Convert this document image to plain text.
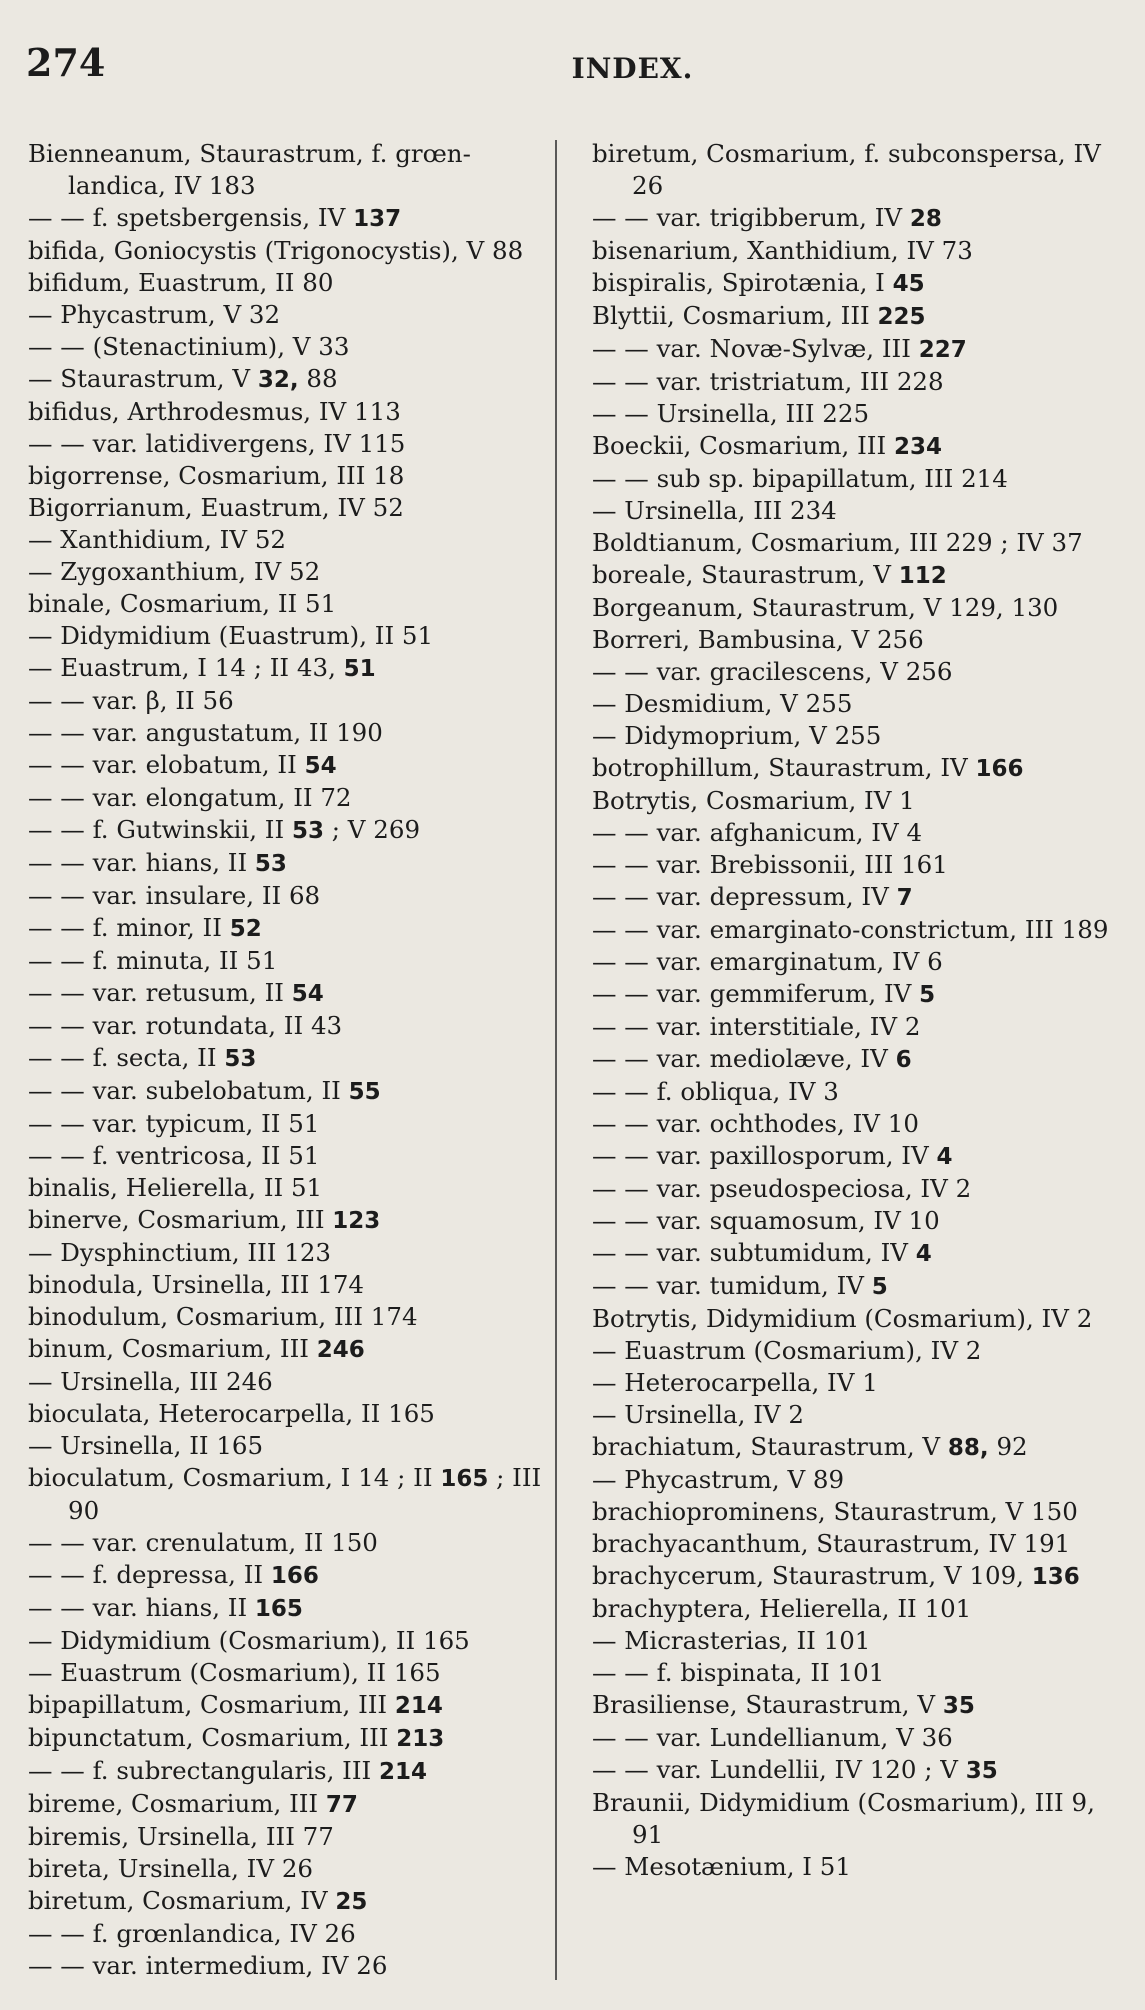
274	INDEX.
Bienneanum, Staurastrum, f. grœn-landica, IV 183
— — f. spetsbergensis, IV 137
bifida, Goniocystis (Trigonocystis), V 88
bifidum, Euastrum, II 80
— Phycastrum, V 32
— — (Stenactinium), V 33
— Staurastrum, V 32, 88
bifidus, Arthrodesmus, IV 113
— — var. latidivergens, IV 115
bigorrense, Cosmarium, III 18
Bigorrianum, Euastrum, IV 52
— Xanthidium, IV 52
— Zygoxanthium, IV 52
binale, Cosmarium, II 51
— Didymidium (Euastrum), II 51
— Euastrum, I 14 ; II 43, 51
— — var. β, II 56
— — var. angustatum, II 190
— — var. elobatum, II 54
— — var. elongatum, II 72
— — f. Gutwinskii, II 53 ; V 269
— — var. hians, II 53
— — var. insulare, II 68
— — f. minor, II 52
— — f. minuta, II 51
— — var. retusum, II 54
— — var. rotundata, II 43
— — f. secta, II 53
— — var. subelobatum, II 55
— — var. typicum, II 51
— — f. ventricosa, II 51
binalis, Helierella, II 51
binerve, Cosmarium, III 123
— Dysphinctium, III 123
binodula, Ursinella, III 174
binodulum, Cosmarium, III 174
binum, Cosmarium, III 246
— Ursinella, III 246
bioculata, Heterocarpella, II 165
— Ursinella, II 165
bioculatum, Cosmarium, I 14 ; II 165 ; III 90
— — var. crenulatum, II 150
— — f. depressa, II 166
— — var. hians, II 165
— Didymidium (Cosmarium), II 165
— Euastrum (Cosmarium), II 165
bipapillatum, Cosmarium, III 214
bipunctatum, Cosmarium, III 213
— — f. subrectangularis, III 214
bireme, Cosmarium, III 77
biremis, Ursinella, III 77
bireta, Ursinella, IV 26
biretum, Cosmarium, IV 25
— — f. grœnlandica, IV 26
— — var. intermedium, IV 26
biretum, Cosmarium, f. subconspersa, IV 26
— — var. trigibberum, IV 28
bisenarium, Xanthidium, IV 73
bispiralis, Spirotænia, I 45
Blyttii, Cosmarium, III 225
— — var. Novæ-Sylvæ, III 227
— — var. tristriatum, III 228
— — Ursinella, III 225
Boeckii, Cosmarium, III 234
— — sub sp. bipapillatum, III 214
— Ursinella, III 234
Boldtianum, Cosmarium, III 229 ; IV 37
boreale, Staurastrum, V 112
Borgeanum, Staurastrum, V 129, 130
Borreri, Bambusina, V 256
— — var. gracilescens, V 256
— Desmidium, V 255
— Didymoprium, V 255
botrophillum, Staurastrum, IV 166
Botrytis, Cosmarium, IV 1
— — var. afghanicum, IV 4
— — var. Brebissonii, III 161
— — var. depressum, IV 7
— — var. emarginato-constrictum, III 189
— — var. emarginatum, IV 6
— — var. gemmiferum, IV 5
— — var. interstitiale, IV 2
— — var. mediolæve, IV 6
— — f. obliqua, IV 3
— — var. ochthodes, IV 10
— — var. paxillosporum, IV 4
— — var. pseudospeciosa, IV 2
— — var. squamosum, IV 10
— — var. subtumidum, IV 4
— — var. tumidum, IV 5
Botrytis, Didymidium (Cosmarium), IV 2
— Euastrum (Cosmarium), IV 2
— Heterocarpella, IV 1
— Ursinella, IV 2
brachiatum, Staurastrum, V 88, 92
— Phycastrum, V 89
brachioprominens, Staurastrum, V 150
brachyacanthum, Staurastrum, IV 191
brachycerum, Staurastrum, V 109, 136
brachyptera, Helierella, II 101
— Micrasterias, II 101
— — f. bispinata, II 101
Brasiliense, Staurastrum, V 35
— — var. Lundellianum, V 36
— — var. Lundellii, IV 120 ; V 35
Braunii, Didymidium (Cosmarium), III 9, 91
— Mesotænium, I 51
